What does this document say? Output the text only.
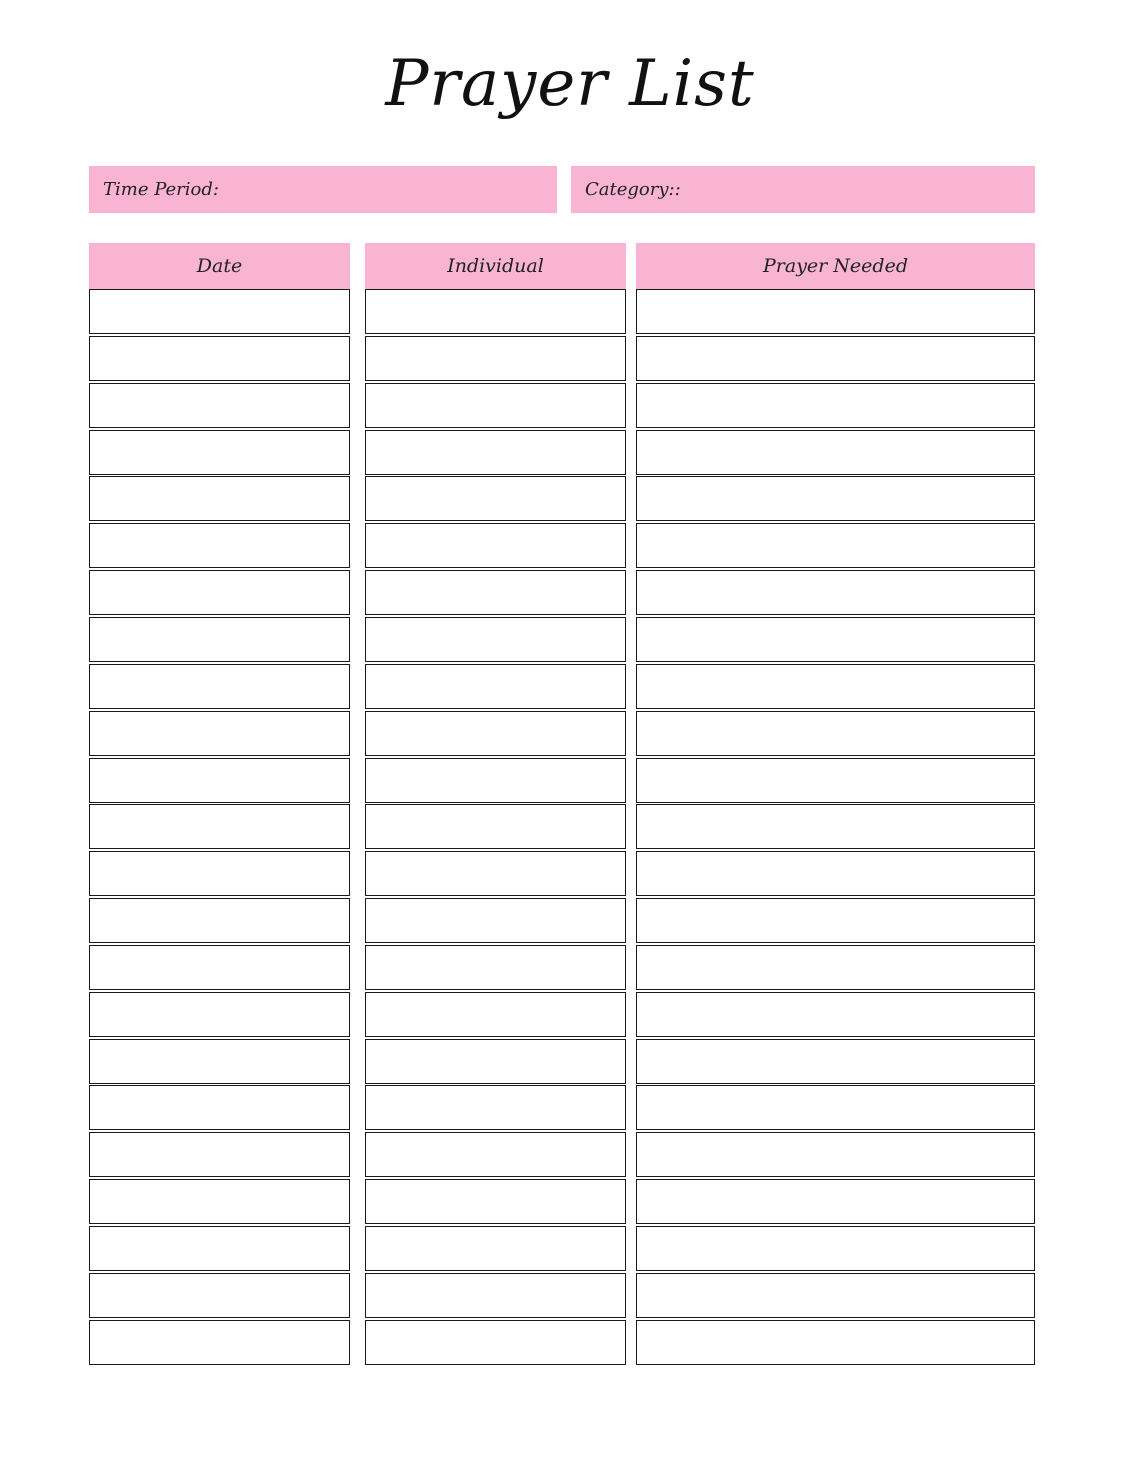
Prayer List
Time Period:	Category::
Date	Individual	Prayer Needed
